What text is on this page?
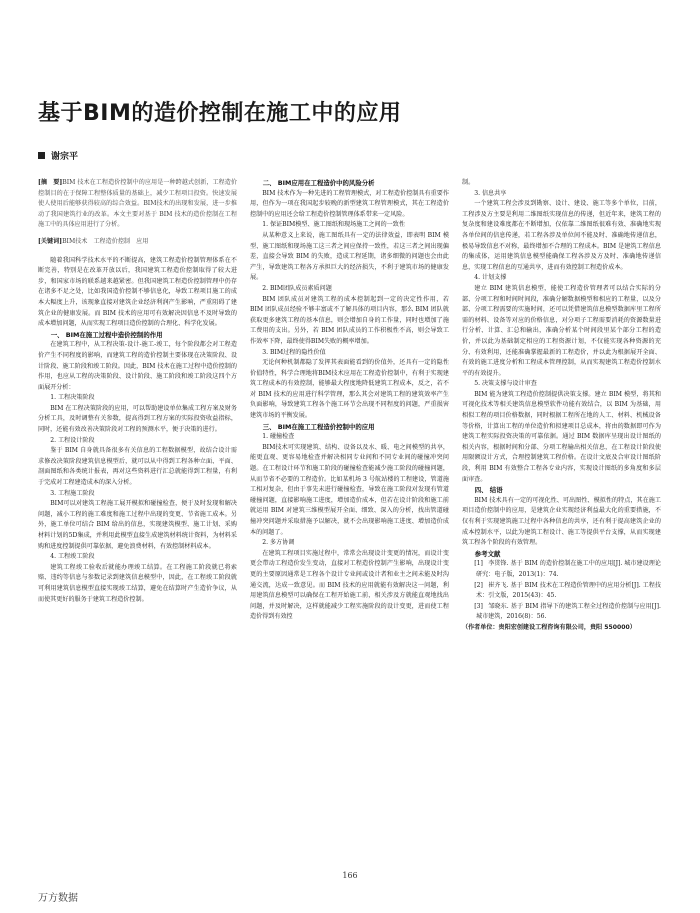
基于BIM的造价控制在施工中的应用
谢宗平
[摘　要]BIM 技术在工程造价控制中的应用是一种跨越式创新，工程造价控制目的在于保障工程整体质量的基础上，减少工程项目投资。快速发展使人使用后能够获得较高的综合效益。BIM技术的出现和发展，进一步推动了我国建筑行业的改革。本文主要对基于 BIM 技术的造价控制在工程施工中的具体应用进行了分析。
[关键词]BIM技术　工程造价控制　应用

随着我国科学技术水平的不断提高，建筑工程造价控制管理体系在不断完善，特别是在改革开放以后，我国建筑工程造价控制取得了较大进步，和国家市场的联系越来越紧密。但我国建筑工程造价控制管理中仍存在诸多不足之处，比如我国造价控制不够信息化，导致工程项目施工的成本大幅度上升，该现象直接对建筑企业经济利润产生影响，严重阻碍了建筑企业的健康发展。而 BIM 技术的应用可有效解决因信息不及时导致的成本增加问题，从而实现工程项目造价控制的合理化、科学化发展。

一、 BIM在施工过程中造价控制的作用

在建筑工程中，从工程决策-设计-施工-竣工，每个阶段都会对工程造价产生不同程度的影响，而建筑工程的造价控制主要体现在决策阶段、设计阶段、施工阶段和竣工阶段。因此，BIM 技术在施工过程中造价控制的作用，也应从工程的决策阶段、设计阶段、施工阶段和竣工阶段这四个方面展开分析：

1. 工程决策阶段

BIM 在工程决策阶段的应用，可以帮助建设单位集成工程方案及财务分析工具，及时调整有关参数，提高得到工程方案的实际投资收益指标，同时，还能有效改善决策阶段对工程的预测水平，便于决策的进行。

2. 工程设计阶段

鉴于 BIM 自身就具备很多有关信息的工程数据模型，故结合设计需求修改决策阶段建筑信息模型后，就可以从中得到工程各种立面、平面、剖面图纸和各类统计报表，再对这些资料进行汇总就能得到工程量，有利于完成对工程建造成本的深入分析。

3. 工程施工阶段

BIM可以对建筑工程施工展开模拟和碰撞检查，便于及时发现和解决问题，减小工程的施工难度和施工过程中出现的变更、节省施工成本。另外，施工单位可结合 BIM 给出的信息，实现建筑模型、施工计划、采购材料计划的5D集成，并利用此模型直接生成建筑材料统计资料，为材料采购和进度控制提供可靠依据，避免浪费材料，有效控制材料成本。

4. 工程竣工阶段

建筑工程竣工验收后就能办理竣工结算。在工程施工阶段就已将索赔、违约等信息与参数记录到建筑信息模型中，因此，在工程竣工阶段就可利用建筑信息模型直接实现竣工结算，避免在结算时产生造价争议，从而使其更好的服务于建筑工程造价控制。

二、 BIM应用在工程造价中的风险分析

BIM 技术作为一种先进的工程管理模式，对工程造价控制具有重要作用，但作为一项在我国起步较晚的新型建筑工程管理模式，其在工程造价控制中的应用还会给工程造价控制管理体系带来一定风险。

1. 保证BIM模型、施工图纸和现场施工之间的一致性

从某种意义上来说，施工图纸具有一定的法律效益，即表明 BIM 模型、施工图纸和现场施工这三者之间应保持一致性，若这三者之间出现偏差，直接会导致 BIM 的失败，造成工程延期，诸多细微的问题也会由此产生，导致建筑工程各方承担巨大的经济损失，不利于建筑市场的健康发展。

2. BIM团队成员素质问题

BIM 团队成员对建筑工程的成本控制起到一定的决定性作用，若 BIM 团队成员经验不够丰富或不了解具体的项目内容，那么 BIM 团队就获取更多建筑工程的基本信息，则会增加自身的工作量，同时也增加了施工费用的支出。另外，若 BIM 团队成员的工作积极性不高，则会导致工作效率下降，最终使得BIM失败的概率增加。

3. BIM过程的隐性价值

无论何种机制都隐了发挥其表面能看到的价值外，还具有一定的隐性价值特性，科学合理地将BIM技术应用在工程造价控制中，有利于实现建筑工程成本的有效控制，能够最大程度地降低建筑工程成本，反之，若不对 BIM 技术的应用进行科学管理，那么其会对建筑工程的建筑效率产生负面影响，导致建筑工程各个施工环节会出现不同程度的问题，严重损害建筑市场的平衡发展。

三、 BIM在施工工程造价控制中的应用

1. 碰撞检查

BIM技术可实现建筑、结构、设备以及水、暖、电之间模型的共享，能更直观、更容易地检查并解决相同专业间和不同专业间的碰撞冲突问题。在工程设计环节和施工阶段的碰撞检查能减少施工阶段的碰撞问题，从而节省不必要的工程造价。比如某机场 3 号航站楼的工程建设，管道施工相对复杂，但由于事先未进行碰撞检查，导致在施工阶段对发现有管道碰撞问题，直接影响施工进度，增加造价成本，但若在设计阶段和施工前就运用 BIM 对建筑三维模型展开全面、细致、深入的分析，找出管道碰撞冲突问题并采取措施予以解决，就不会出现影响施工进度、增加造价成本的问题了。

2. 多方协调

在建筑工程项目实施过程中，常常会出现设计变更的情况，而设计变更会带动工程造价发生变动，直接对工程造价控制产生影响，出现设计变更的主要原因通常是工程各个设计专业间或设计者和业主之间未能及时沟通交流，达成一致意见。而 BIM 技术的应用就能有效解决这一问题，利用建筑信息模型可以确保在工程开始施工前，相关涉及方就能直观地找出问题，并及时解决，这样就能减少工程实施阶段的设计变更，进而使工程造价得到有效控

制。

3. 信息共享

一个建筑工程会涉及到勘察、设计、建设、施工等多个单位，目前，工程涉及方主要是利用二维图纸实现信息的传递，但近年来，建筑工程的复杂度和建设难度都在不断增加，仅依靠二维图纸很难有效、准确地实现各单位间的信息传递，若工程各涉及单位间不能及时、准确地传递信息，极易导致信息不对称，最终增加不合理的工程成本。BIM 是建筑工程信息的集成体，运用建筑信息模型能确保工程各涉及方及时、准确地传递信息，实现工程信息的互通共享，进而有效控制工程造价成本。

4. 计划支撑

建立 BIM 建筑信息模型，能使工程造价管理者可以结合实际的分部、分项工程和时间时间段，准确分解数据模型和相应的工程量，以及分部、分项工程需要的实施时间，还可以凭借建筑信息模型数据库里工程所需的材料、设备等对应的价格信息，对分项子工程需要消耗的资源数量进行分析、计算、汇总和输出，准确分析某个时间段里某个部分工程的造价，并以此为基础制定相应的工程资源计划，不仅能实现各种资源的充分、有效利用，还能准确掌握最新的工程造价，并以此为根据展开全面、有效的施工进度分析和工程成本管理控制，从而实现建筑工程造价控制水平的有效提升。

5. 决策支撑与设计审查

BIM 能为建筑工程造价控制提供决策支撑。建立 BIM 模型，将其和可视化技术等相关建筑信息模型软件功能有效结合，以 BIM 为基础，用相似工程的项目价格数据，同时根据工程所在地的人工、材料、机械设备等价格，计算出工程的单位造价和拟建项目总成本，将由的数据即可作为建筑工程实际投资决策的可靠依据。通过 BIM 数据库呈现出设计图纸的相关内容，根据时间和分部、分项工程输出相关信息，在工程设计阶段使用限额设计方式，合理控制建筑工程价格。在设计文底及合审设计图纸阶段，利用 BIM 有效整合工程各专业内容，实现设计图纸的多角度和多层面审查。

四、 结语

BIM 技术具有一定的可视化性、可出图性、模拟性的特点，其在施工项目造价控制中的应用，是建筑企业实现经济利益最大化的重要措施，不仅有利于实现建筑施工过程中各种信息的共享，还有利于提高建筑企业的成本控制水平，以此为建筑工程设计、施工等提供平台支撑，从而实现建筑工程各个阶段的有效管理。

参考文献

[1] 李贯锋. 基于 BIM 的造价控制在施工中的应用[J]. 城市建设理论研究：电子版，2013(1)：74.

[2] 崔齐飞. 基于 BIM 技术在工程造价管理中的应用分析[J]. 工程技术：引文版，2015(43)：45.

[3] 邹晓东. 基于 BIM 指导下的建筑工程全过程造价控制与应用[J]. 城市建筑，2016(8)：56.

（作者单位：贵阳宏创建设工程咨询有限公司，贵阳 550000）

166
万方数据
